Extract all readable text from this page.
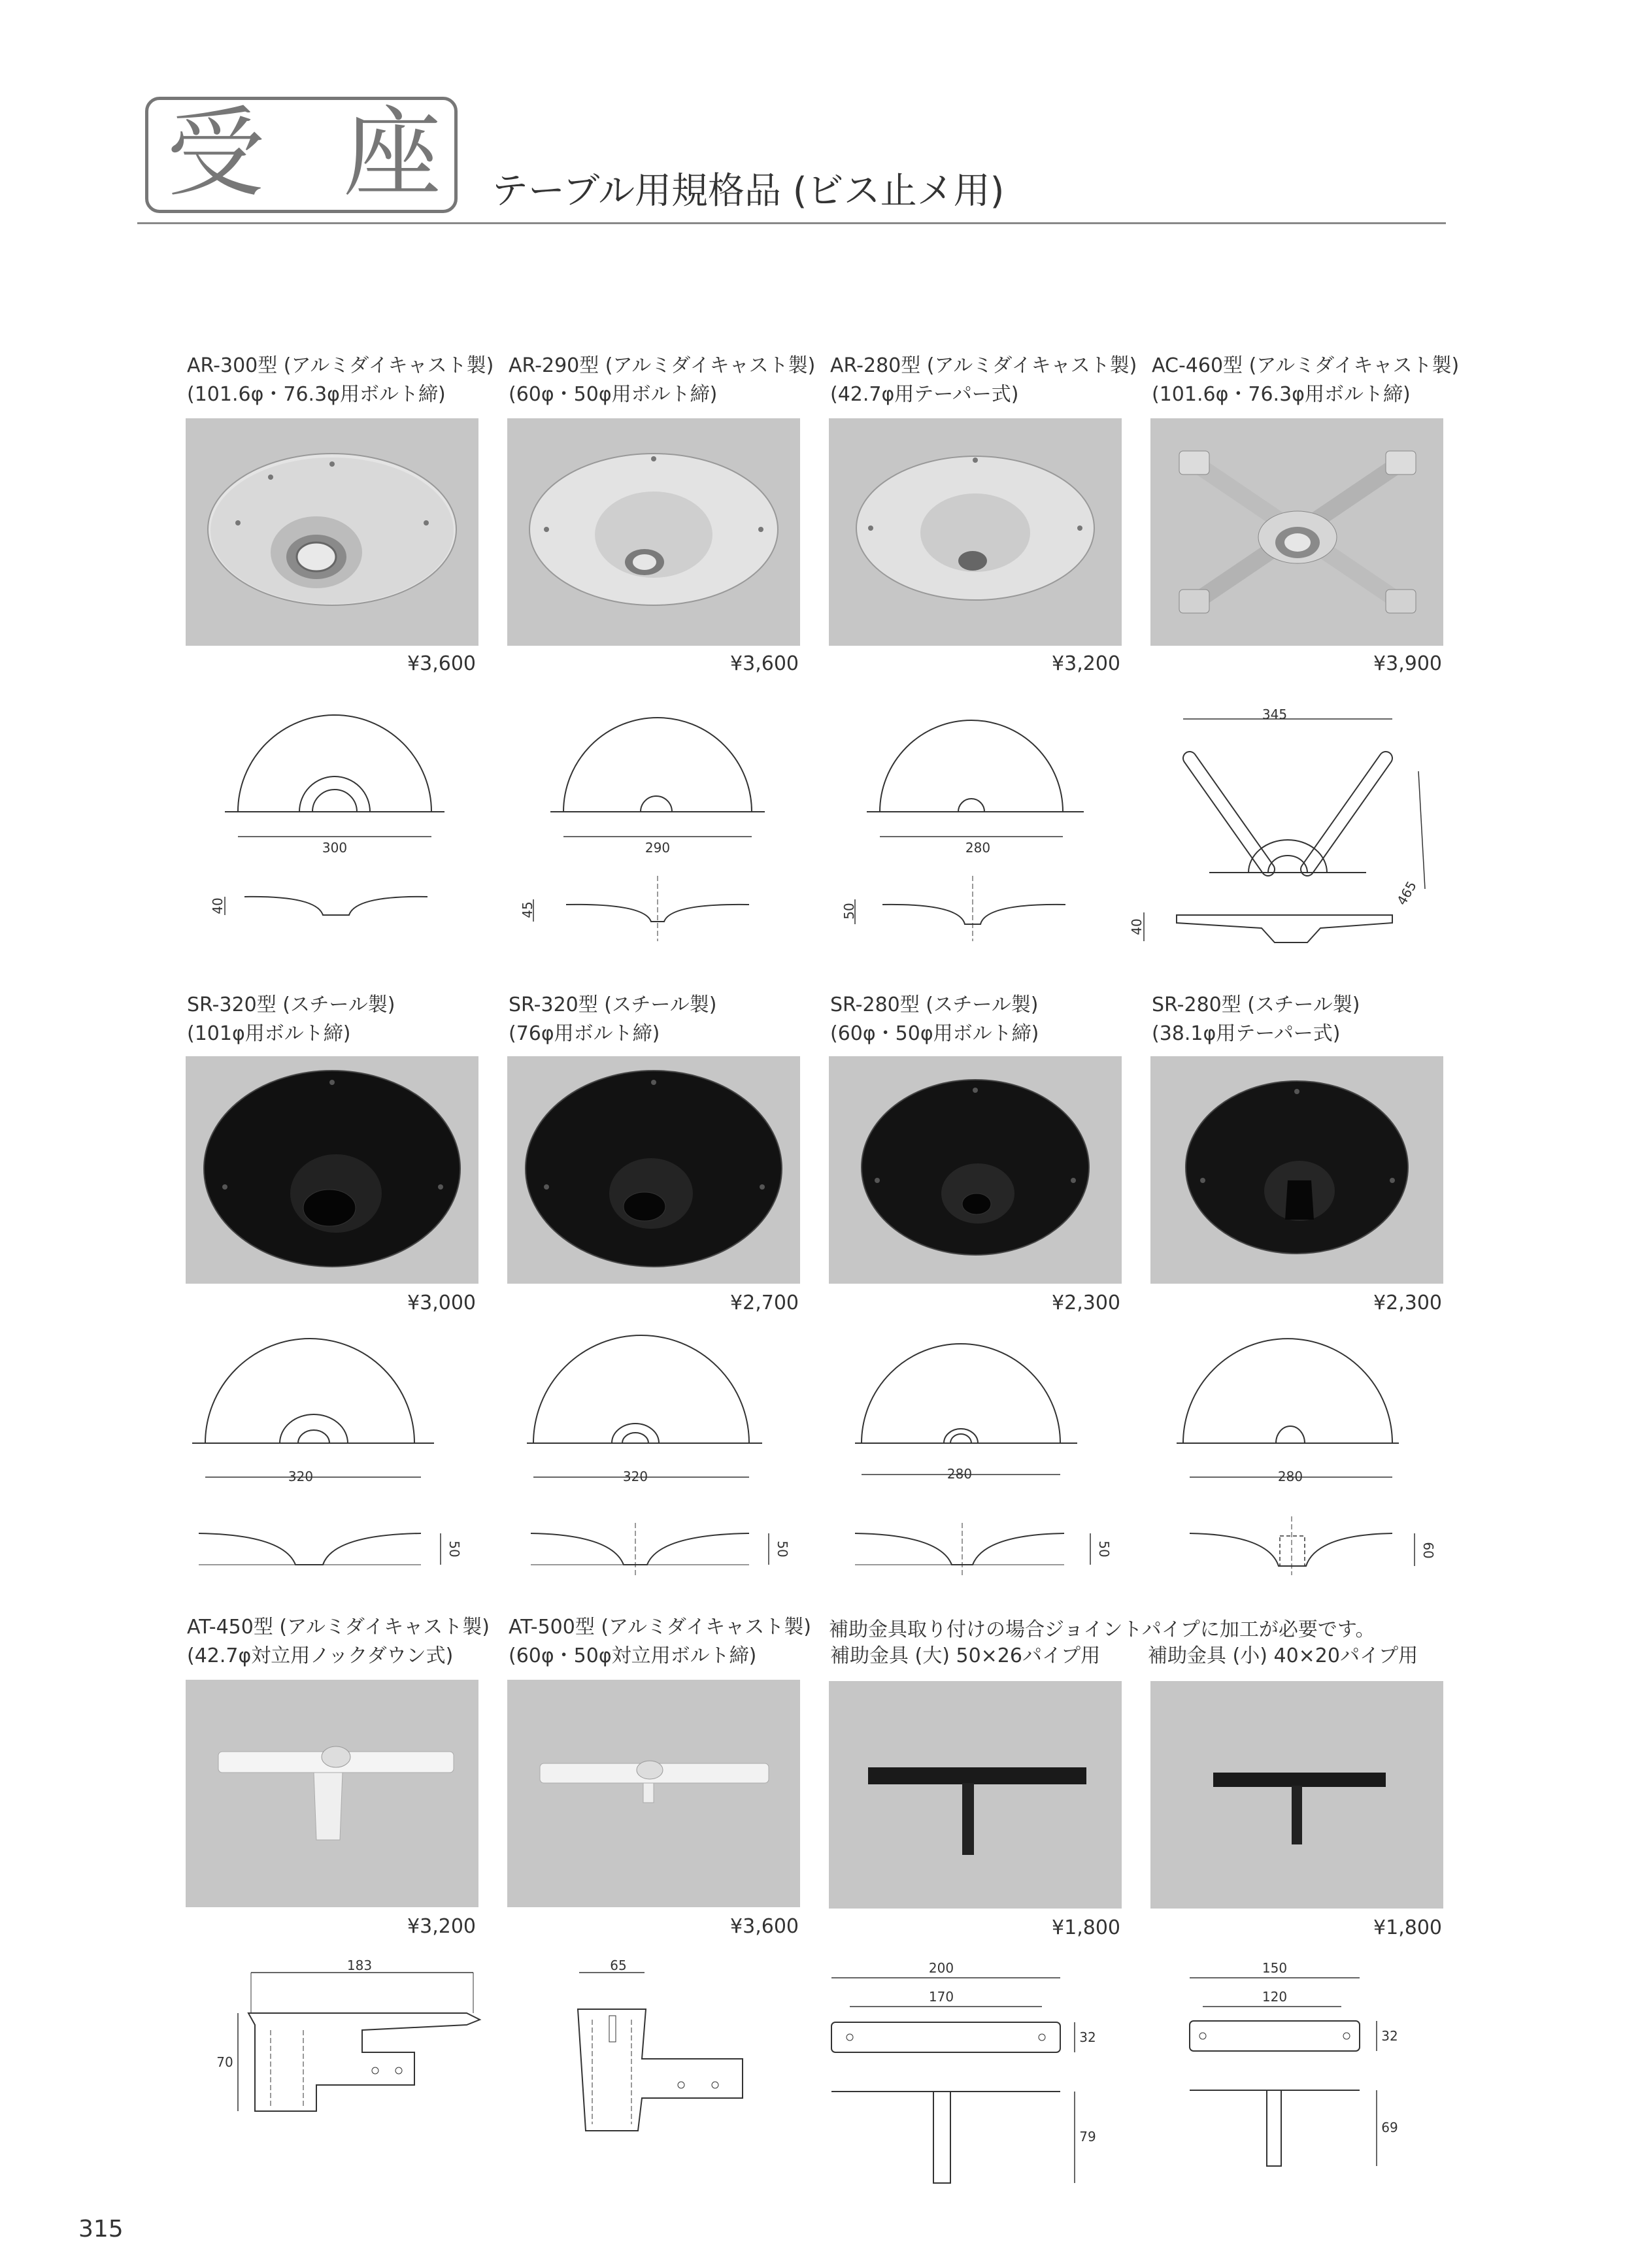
受座
テーブル用規格品 (ビス止メ用)
AR-300型 (アルミダイキャスト製)
(101.6φ・76.3φ用ボルト締)
¥3,600
300
40
AR-290型 (アルミダイキャスト製)
(60φ・50φ用ボルト締)
¥3,600
290
45
AR-280型 (アルミダイキャスト製)
(42.7φ用テーパー式)
¥3,200
280
50
AC-460型 (アルミダイキャスト製)
(101.6φ・76.3φ用ボルト締)
¥3,900
345
465
40
SR-320型 (スチール製)
(101φ用ボルト締)
¥3,000
320
50
SR-320型 (スチール製)
(76φ用ボルト締)
¥2,700
320
50
SR-280型 (スチール製)
(60φ・50φ用ボルト締)
¥2,300
280
50
SR-280型 (スチール製)
(38.1φ用テーパー式)
¥2,300
280
60
AT-450型 (アルミダイキャスト製)
(42.7φ対立用ノックダウン式)
¥3,200
183
70
AT-500型 (アルミダイキャスト製)
(60φ・50φ対立用ボルト締)
¥3,600
65
補助金具取り付けの場合ジョイントパイプに加工が必要です。
補助金具 (大) 50×26パイプ用
¥1,800
200
170
32
79
補助金具 (小) 40×20パイプ用
¥1,800
150
120
32
69
315
